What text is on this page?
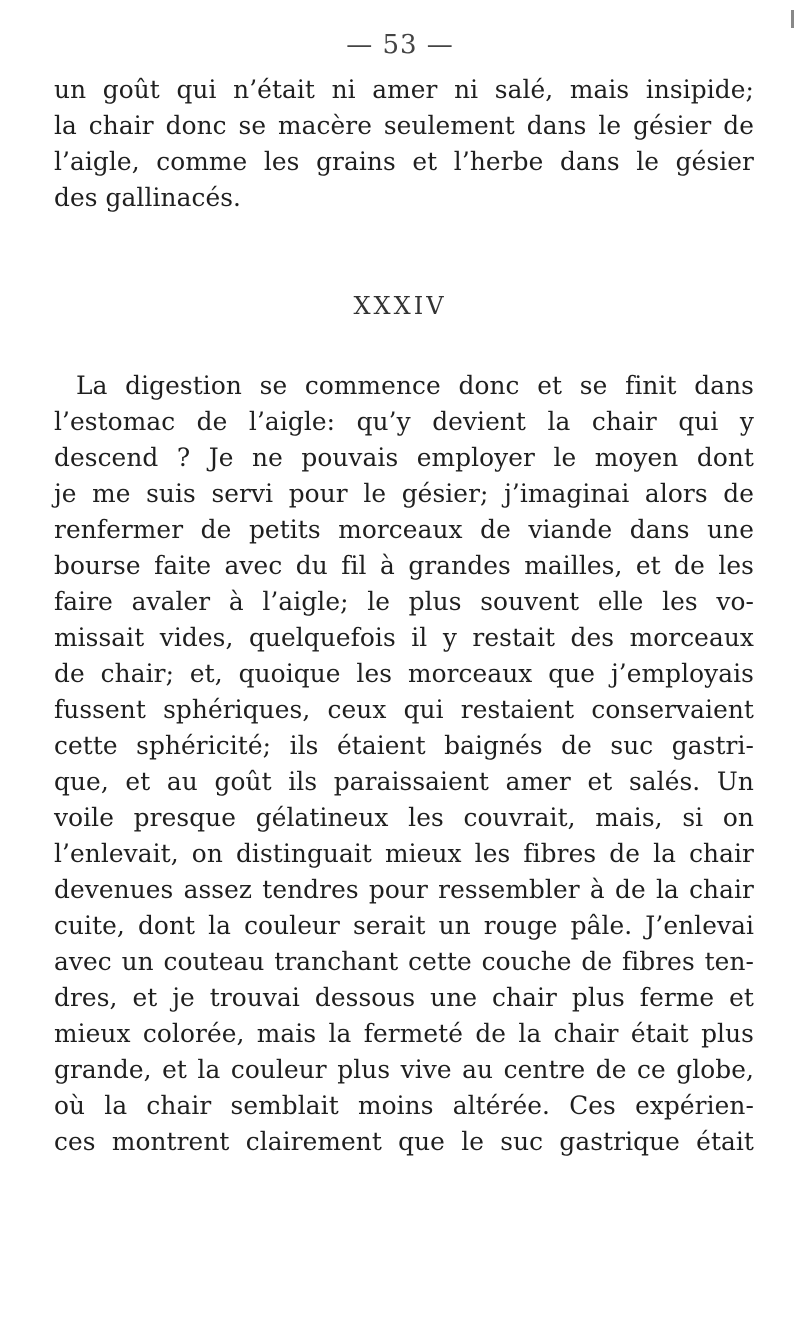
— 53 —
un goût qui n’était ni amer ni salé, mais insipide;
la chair donc se macère seulement dans le gésier de
l’aigle, comme les grains et l’herbe dans le gésier
des gallinacés.
XXXIV
La digestion se commence donc et se finit dans
l’estomac de l’aigle: qu’y devient la chair qui y
descend ? Je ne pouvais employer le moyen dont
je me suis servi pour le gésier; j’imaginai alors de
renfermer de petits morceaux de viande dans une
bourse faite avec du fil à grandes mailles, et de les
faire avaler à l’aigle; le plus souvent elle les vo-
missait vides, quelquefois il y restait des morceaux
de chair; et, quoique les morceaux que j’employais
fussent sphériques, ceux qui restaient conservaient
cette sphéricité; ils étaient baignés de suc gastri-
que, et au goût ils paraissaient amer et salés. Un
voile presque gélatineux les couvrait, mais, si on
l’enlevait, on distinguait mieux les fibres de la chair
devenues assez tendres pour ressembler à de la chair
cuite, dont la couleur serait un rouge pâle. J’enlevai
avec un couteau tranchant cette couche de fibres ten-
dres, et je trouvai dessous une chair plus ferme et
mieux colorée, mais la fermeté de la chair était plus
grande, et la couleur plus vive au centre de ce globe,
où la chair semblait moins altérée. Ces expérien-
ces montrent clairement que le suc gastrique était
